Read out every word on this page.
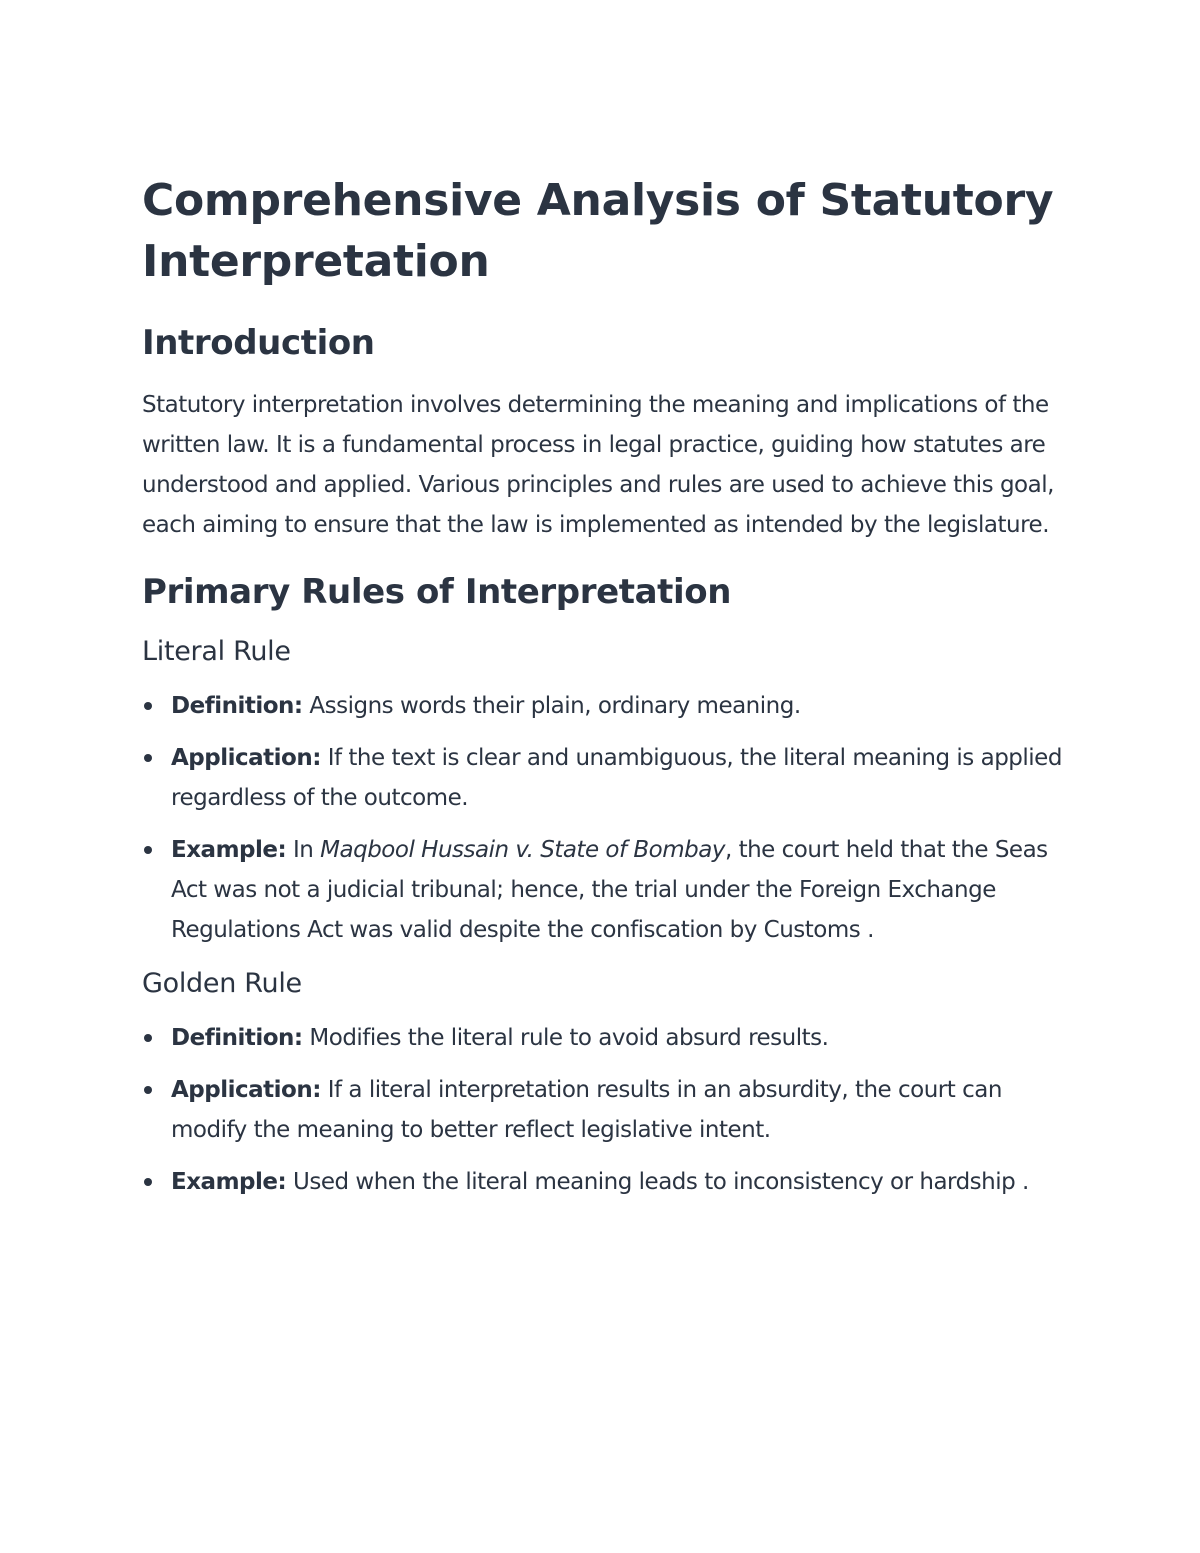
Comprehensive Analysis of Statutory Interpretation
Introduction

Statutory interpretation involves determining the meaning and implications of the written law. It is a fundamental process in legal practice, guiding how statutes are understood and applied. Various principles and rules are used to achieve this goal, each aiming to ensure that the law is implemented as intended by the legislature.

Primary Rules of Interpretation
Literal Rule
Definition: Assigns words their plain, ordinary meaning.
Application: If the text is clear and unambiguous, the literal meaning is applied regardless of the outcome.
Example: In Maqbool Hussain v. State of Bombay, the court held that the Seas Act was not a judicial tribunal; hence, the trial under the Foreign Exchange Regulations Act was valid despite the confiscation by Customs .
Golden Rule
Definition: Modifies the literal rule to avoid absurd results.
Application: If a literal interpretation results in an absurdity, the court can modify the meaning to better reflect legislative intent.
Example: Used when the literal meaning leads to inconsistency or hardship .
